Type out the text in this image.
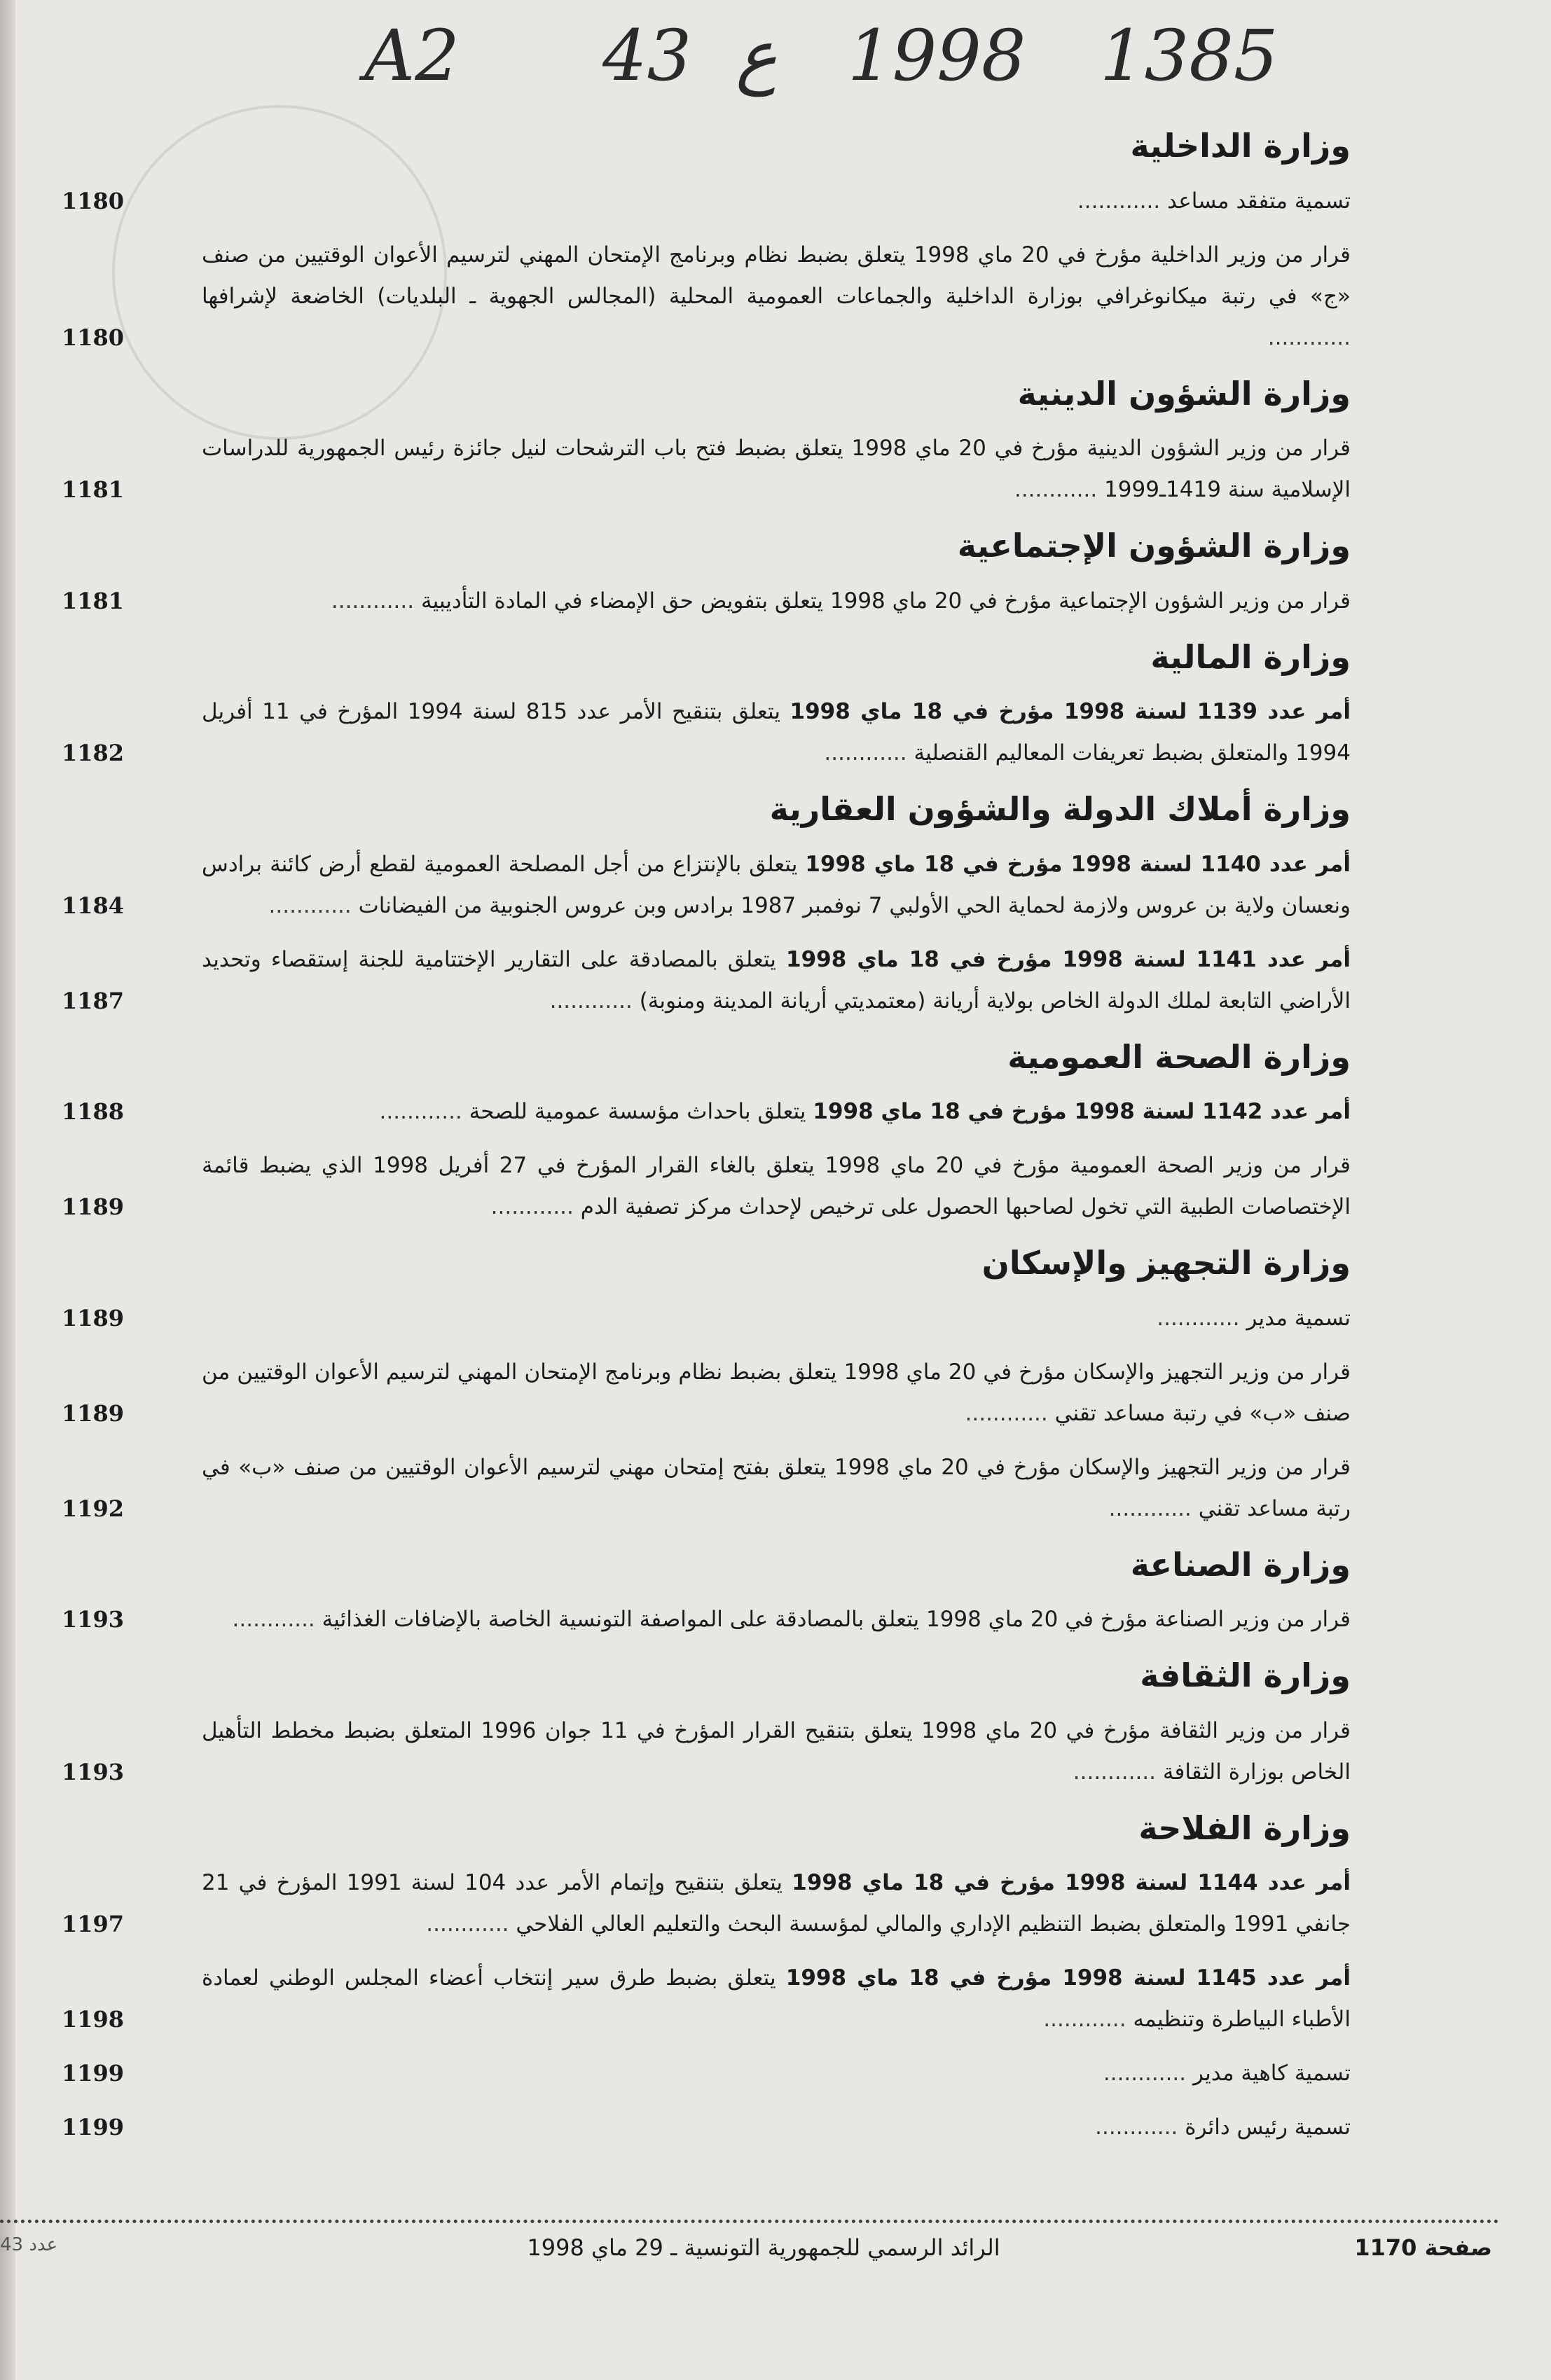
A2 43 ع 1998 1385
وزارة الداخلية
تسمية متفقد مساعد ............
1180
قرار من وزير الداخلية مؤرخ في 20 ماي 1998 يتعلق بضبط نظام وبرنامج الإمتحان المهني لترسيم الأعوان الوقتيين من صنف «ج» في رتبة ميكانوغرافي بوزارة الداخلية والجماعات العمومية المحلية (المجالس الجهوية ـ البلديات) الخاضعة لإشرافها ............
1180
وزارة الشؤون الدينية
قرار من وزير الشؤون الدينية مؤرخ في 20 ماي 1998 يتعلق بضبط فتح باب الترشحات لنيل جائزة رئيس الجمهورية للدراسات الإسلامية سنة 1419ـ1999 ............
1181
وزارة الشؤون الإجتماعية
قرار من وزير الشؤون الإجتماعية مؤرخ في 20 ماي 1998 يتعلق بتفويض حق الإمضاء في المادة التأديبية ............
1181
وزارة المالية
أمر عدد 1139 لسنة 1998 مؤرخ في 18 ماي 1998 يتعلق بتنقيح الأمر عدد 815 لسنة 1994 المؤرخ في 11 أفريل 1994 والمتعلق بضبط تعريفات المعاليم القنصلية ............
1182
وزارة أملاك الدولة والشؤون العقارية
أمر عدد 1140 لسنة 1998 مؤرخ في 18 ماي 1998 يتعلق بالإنتزاع من أجل المصلحة العمومية لقطع أرض كائنة برادس ونعسان ولاية بن عروس ولازمة لحماية الحي الأولبي 7 نوفمبر 1987 برادس وبن عروس الجنوبية من الفيضانات ............
1184
أمر عدد 1141 لسنة 1998 مؤرخ في 18 ماي 1998 يتعلق بالمصادقة على التقارير الإختتامية للجنة إستقصاء وتحديد الأراضي التابعة لملك الدولة الخاص بولاية أريانة (معتمديتي أريانة المدينة ومنوبة) ............
1187
وزارة الصحة العمومية
أمر عدد 1142 لسنة 1998 مؤرخ في 18 ماي 1998 يتعلق باحداث مؤسسة عمومية للصحة ............
1188
قرار من وزير الصحة العمومية مؤرخ في 20 ماي 1998 يتعلق بالغاء القرار المؤرخ في 27 أفريل 1998 الذي يضبط قائمة الإختصاصات الطبية التي تخول لصاحبها الحصول على ترخيص لإحداث مركز تصفية الدم ............
1189
وزارة التجهيز والإسكان
تسمية مدير ............
1189
قرار من وزير التجهيز والإسكان مؤرخ في 20 ماي 1998 يتعلق بضبط نظام وبرنامج الإمتحان المهني لترسيم الأعوان الوقتيين من صنف «ب» في رتبة مساعد تقني ............
1189
قرار من وزير التجهيز والإسكان مؤرخ في 20 ماي 1998 يتعلق بفتح إمتحان مهني لترسيم الأعوان الوقتيين من صنف «ب» في رتبة مساعد تقني ............
1192
وزارة الصناعة
قرار من وزير الصناعة مؤرخ في 20 ماي 1998 يتعلق بالمصادقة على المواصفة التونسية الخاصة بالإضافات الغذائية ............
1193
وزارة الثقافة
قرار من وزير الثقافة مؤرخ في 20 ماي 1998 يتعلق بتنقيح القرار المؤرخ في 11 جوان 1996 المتعلق بضبط مخطط التأهيل الخاص بوزارة الثقافة ............
1193
وزارة الفلاحة
أمر عدد 1144 لسنة 1998 مؤرخ في 18 ماي 1998 يتعلق بتنقيح وإتمام الأمر عدد 104 لسنة 1991 المؤرخ في 21 جانفي 1991 والمتعلق بضبط التنظيم الإداري والمالي لمؤسسة البحث والتعليم العالي الفلاحي ............
1197
أمر عدد 1145 لسنة 1998 مؤرخ في 18 ماي 1998 يتعلق بضبط طرق سير إنتخاب أعضاء المجلس الوطني لعمادة الأطباء البياطرة وتنظيمه ............
1198
تسمية كاهية مدير ............
1199
تسمية رئيس دائرة ............
1199
صفحة 1170
الرائد الرسمي للجمهورية التونسية ـ 29 ماي 1998
عدد 43
